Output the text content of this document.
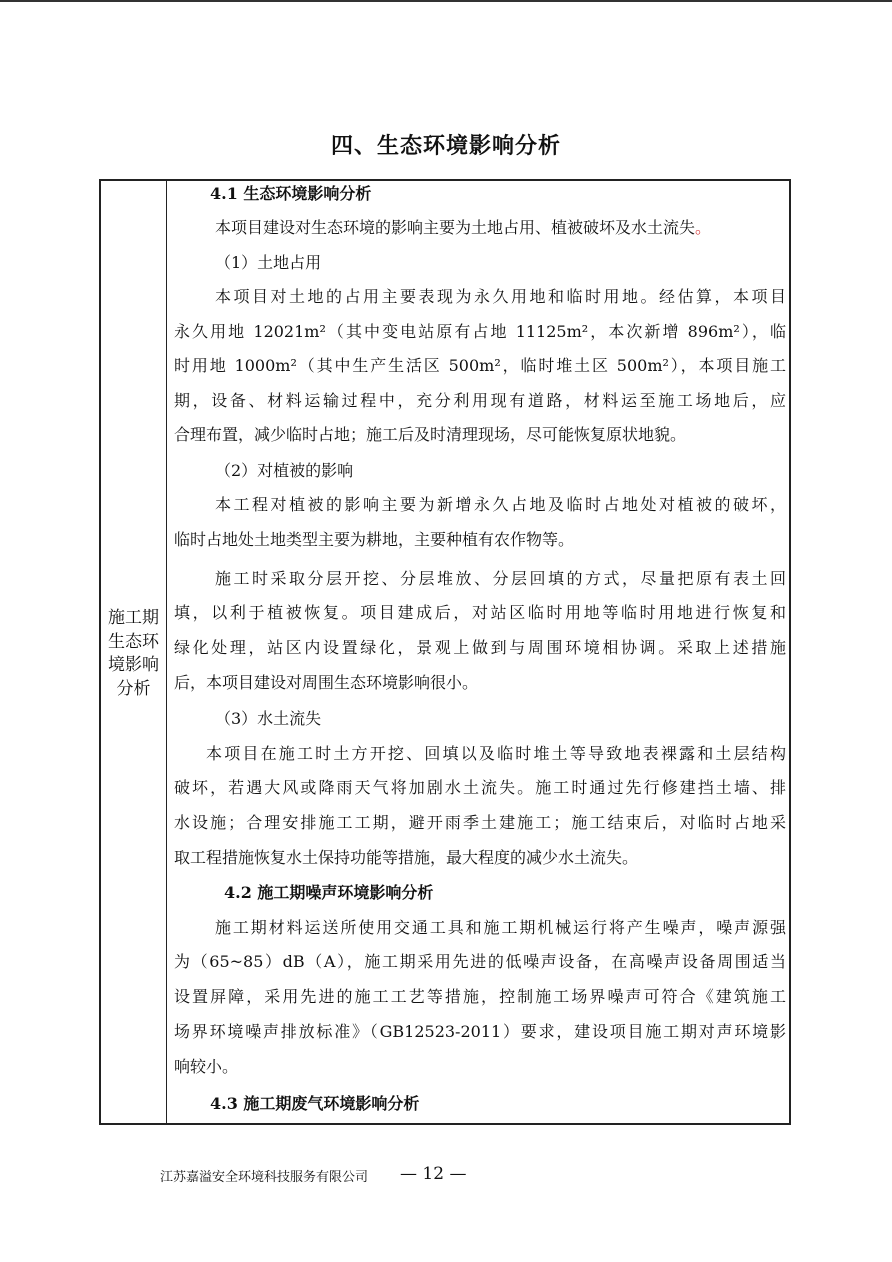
四、生态环境影响分析
施工期
生态环
境影响
分析
4.1 生态环境影响分析
本项目建设对生态环境的影响主要为土地占用、植被破坏及水土流失。
（1）土地占用
本项目对土地的占用主要表现为永久用地和临时用地。经估算，本项目
永久用地 12021m²（其中变电站原有占地 11125m²，本次新增 896m²），临
时用地 1000m²（其中生产生活区 500m²，临时堆土区 500m²），本项目施工
期，设备、材料运输过程中，充分利用现有道路，材料运至施工场地后，应
合理布置，减少临时占地；施工后及时清理现场，尽可能恢复原状地貌。
（2）对植被的影响
本工程对植被的影响主要为新增永久占地及临时占地处对植被的破坏，
临时占地处土地类型主要为耕地，主要种植有农作物等。
施工时采取分层开挖、分层堆放、分层回填的方式，尽量把原有表土回
填，以利于植被恢复。项目建成后，对站区临时用地等临时用地进行恢复和
绿化处理，站区内设置绿化，景观上做到与周围环境相协调。采取上述措施
后，本项目建设对周围生态环境影响很小。
（3）水土流失
本项目在施工时土方开挖、回填以及临时堆土等导致地表裸露和土层结构
破坏，若遇大风或降雨天气将加剧水土流失。施工时通过先行修建挡土墙、排
水设施；合理安排施工工期，避开雨季土建施工；施工结束后，对临时占地采
取工程措施恢复水土保持功能等措施，最大程度的减少水土流失。
4.2 施工期噪声环境影响分析
施工期材料运送所使用交通工具和施工期机械运行将产生噪声，噪声源强
为（65~85）dB（A），施工期采用先进的低噪声设备，在高噪声设备周围适当
设置屏障，采用先进的施工工艺等措施，控制施工场界噪声可符合《建筑施工
场界环境噪声排放标准》（GB12523-2011）要求，建设项目施工期对声环境影
响较小。
4.3 施工期废气环境影响分析
江苏嘉溢安全环境科技服务有限公司 — 12 —
